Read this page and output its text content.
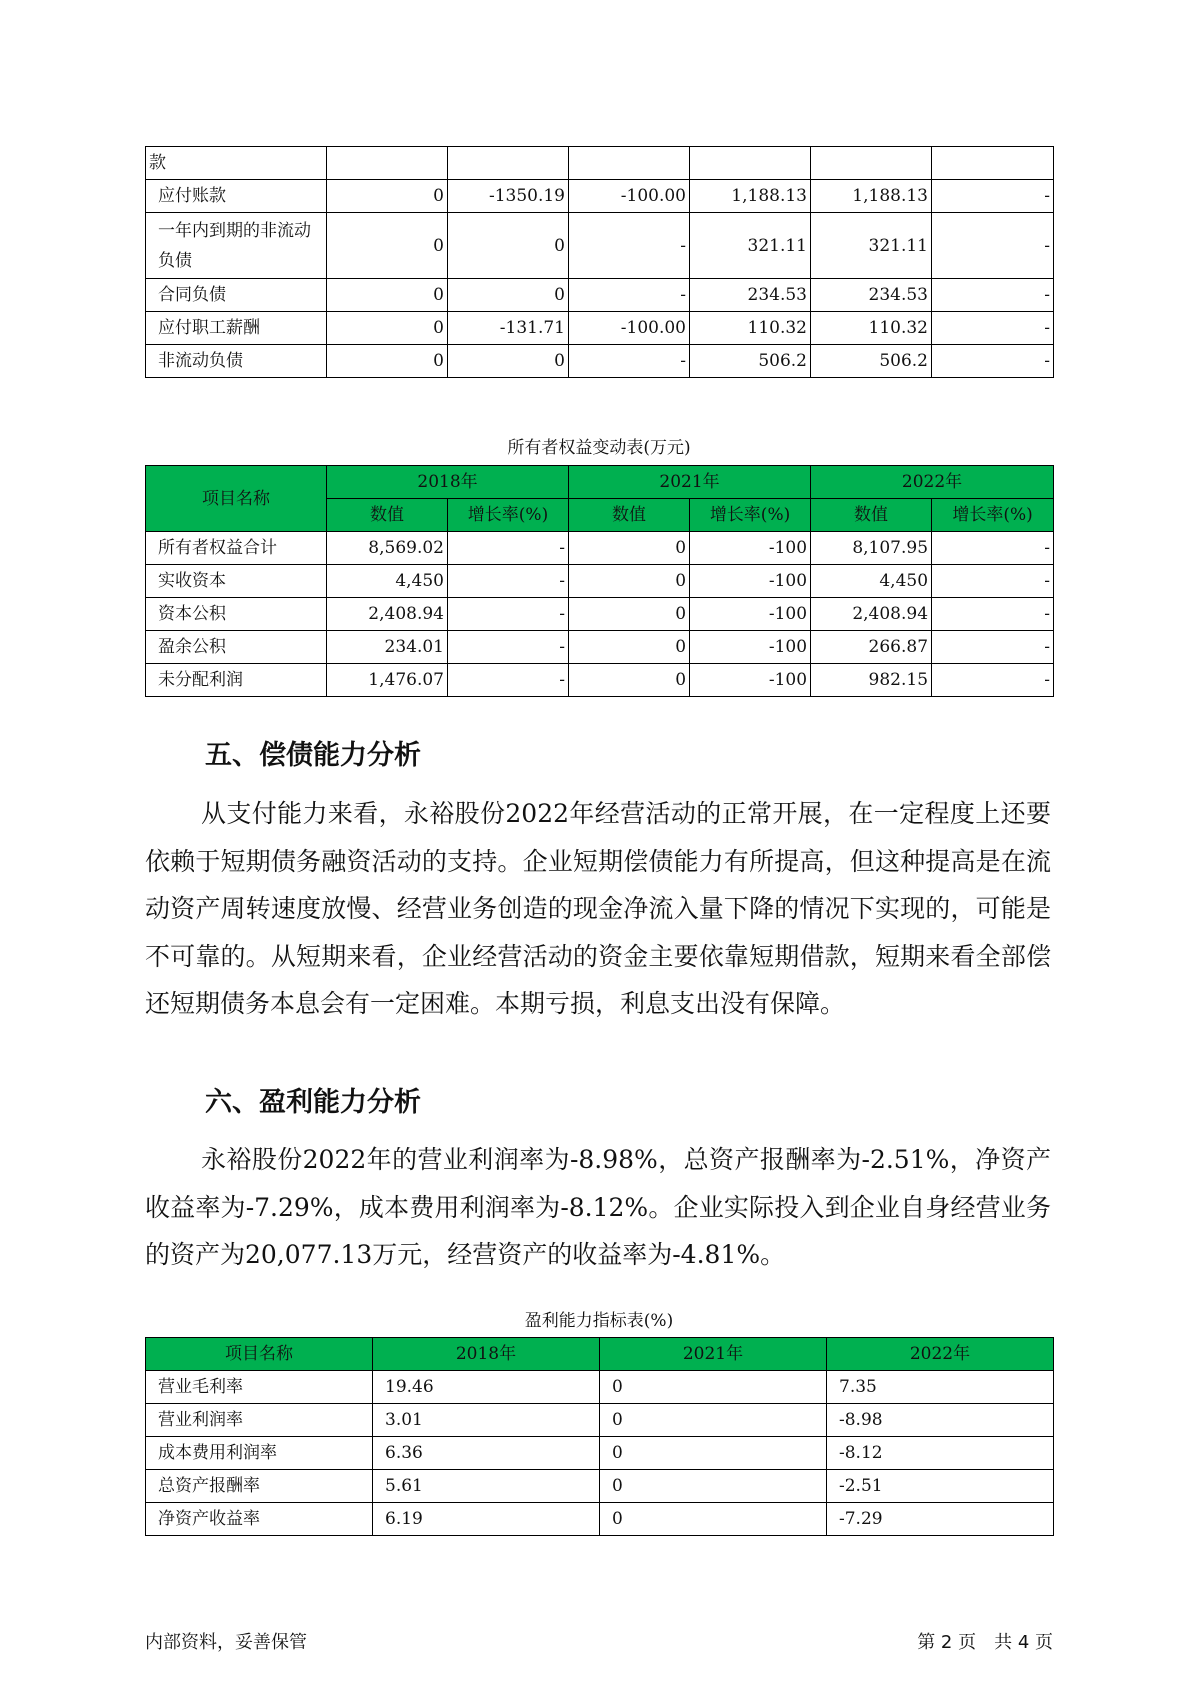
款						
应付账款	0	-1350.19	-100.00	1,188.13	1,188.13	-
一年内到期的非流动负债	0	0	-	321.11	321.11	-
合同负债	0	0	-	234.53	234.53	-
应付职工薪酬	0	-131.71	-100.00	110.32	110.32	-
非流动负债	0	0	-	506.2	506.2	-
所有者权益变动表(万元)
项目名称	2018年		2021年		2022年	
	数值	增长率(%)	数值	增长率(%)	数值	增长率(%)
所有者权益合计	8,569.02	-	0	-100	8,107.95	-
实收资本	4,450	-	0	-100	4,450	-
资本公积	2,408.94	-	0	-100	2,408.94	-
盈余公积	234.01	-	0	-100	266.87	-
未分配利润	1,476.07	-	0	-100	982.15	-
五、偿债能力分析

从支付能力来看，永裕股份2022年经营活动的正常开展，在一定程度上还要依赖于短期债务融资活动的支持。企业短期偿债能力有所提高，但这种提高是在流动资产周转速度放慢、经营业务创造的现金净流入量下降的情况下实现的，可能是不可靠的。从短期来看，企业经营活动的资金主要依靠短期借款，短期来看全部偿还短期债务本息会有一定困难。本期亏损，利息支出没有保障。

六、盈利能力分析

永裕股份2022年的营业利润率为-8.98%，总资产报酬率为-2.51%，净资产收益率为-7.29%，成本费用利润率为-8.12%。企业实际投入到企业自身经营业务的资产为20,077.13万元，经营资产的收益率为-4.81%。

盈利能力指标表(%)
项目名称	2018年	2021年	2022年
营业毛利率	19.46	0	7.35
营业利润率	3.01	0	-8.98
成本费用利润率	6.36	0	-8.12
总资产报酬率	5.61	0	-2.51
净资产收益率	6.19	0	-7.29
内部资料，妥善保管	第 2 页　共 4 页
